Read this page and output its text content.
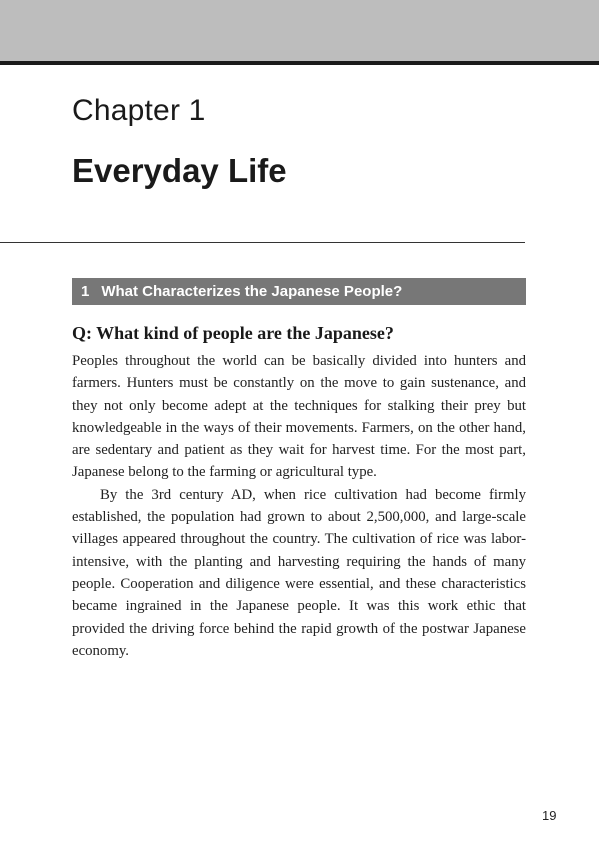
Chapter 1
Everyday Life
1 What Characterizes the Japanese People?
Q: What kind of people are the Japanese?

Peoples throughout the world can be basically divided into hunters and farmers. Hunters must be constantly on the move to gain sustenance, and they not only become adept at the techniques for stalking their prey but knowledgeable in the ways of their movements. Farmers, on the other hand, are sedentary and patient as they wait for harvest time. For the most part, Japanese belong to the farming or agricultural type.

By the 3rd century AD, when rice cultivation had become firmly established, the population had grown to about 2,500,000, and large-scale villages appeared throughout the country. The cultivation of rice was labor-intensive, with the planting and harvesting requiring the hands of many people. Cooperation and diligence were essential, and these characteristics became ingrained in the Japanese people. It was this work ethic that provided the driving force behind the rapid growth of the postwar Japanese economy.

19
